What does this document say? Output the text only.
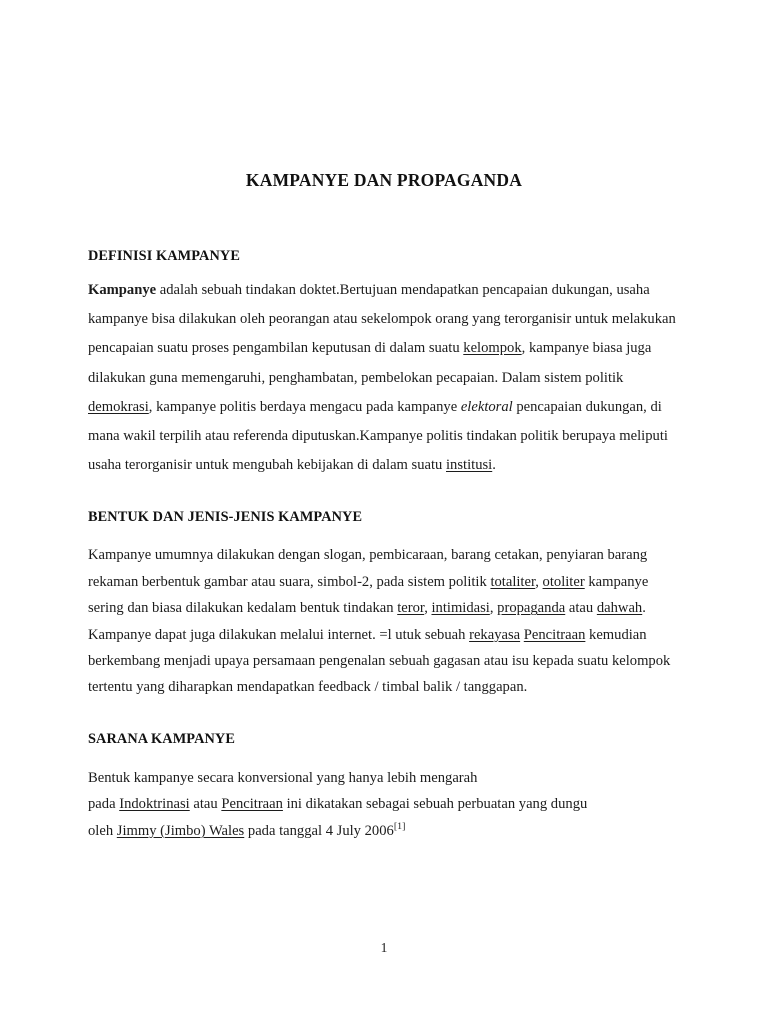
KAMPANYE DAN PROPAGANDA
DEFINISI KAMPANYE

Kampanye adalah sebuah tindakan doktet.Bertujuan mendapatkan pencapaian dukungan, usaha kampanye bisa dilakukan oleh peorangan atau sekelompok orang yang terorganisir untuk melakukan pencapaian suatu proses pengambilan keputusan di dalam suatu kelompok, kampanye biasa juga dilakukan guna memengaruhi, penghambatan, pembelokan pecapaian. Dalam sistem politik demokrasi, kampanye politis berdaya mengacu pada kampanye elektoral pencapaian dukungan, di mana wakil terpilih atau referenda diputuskan.Kampanye politis tindakan politik berupaya meliputi usaha terorganisir untuk mengubah kebijakan di dalam suatu institusi.

BENTUK DAN JENIS-JENIS KAMPANYE

Kampanye umumnya dilakukan dengan slogan, pembicaraan, barang cetakan, penyiaran barang rekaman berbentuk gambar atau suara, simbol-2, pada sistem politik totaliter, otoliter kampanye sering dan biasa dilakukan kedalam bentuk tindakan teror, intimidasi, propaganda atau dahwah. Kampanye dapat juga dilakukan melalui internet. =l utuk sebuah rekayasa Pencitraan kemudian berkembang menjadi upaya persamaan pengenalan sebuah gagasan atau isu kepada suatu kelompok tertentu yang diharapkan mendapatkan feedback / timbal balik / tanggapan.

SARANA KAMPANYE

Bentuk kampanye secara konversional yang hanya lebih mengarah
pada Indoktrinasi atau Pencitraan ini dikatakan sebagai sebuah perbuatan yang dungu
oleh Jimmy (Jimbo) Wales pada tanggal 4 July 2006[1]

1
